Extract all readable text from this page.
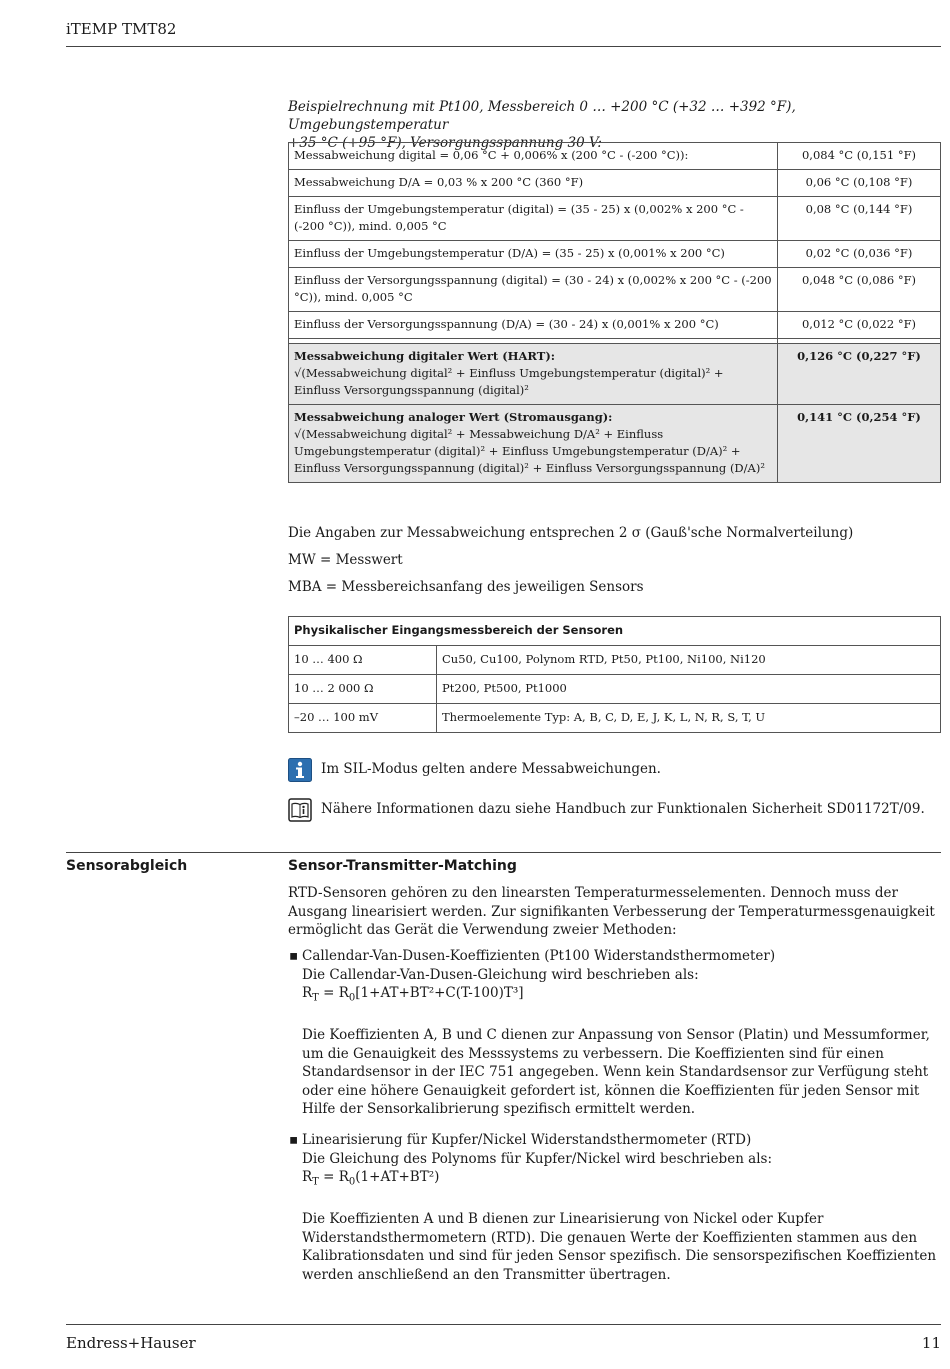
iTEMP TMT82
Beispielrechnung mit Pt100, Messbereich 0 … +200 °C (+32 … +392 °F), Umgebungstemperatur
+35 °C (+95 °F), Versorgungsspannung 30 V:
Messabweichung digital = 0,06 °C + 0,006% x (200 °C - (-200 °C)):	0,084 °C (0,151 °F)
Messabweichung D/A = 0,03 % x 200 °C (360 °F)	0,06 °C (0,108 °F)
Einfluss der Umgebungstemperatur (digital) = (35 - 25) x (0,002% x 200 °C - (-200 °C)), mind. 0,005 °C	0,08 °C (0,144 °F)
Einfluss der Umgebungstemperatur (D/A) = (35 - 25) x (0,001% x 200 °C)	0,02 °C (0,036 °F)
Einfluss der Versorgungsspannung (digital) = (30 - 24) x (0,002% x 200 °C - (-200 °C)), mind. 0,005 °C	0,048 °C (0,086 °F)
Einfluss der Versorgungsspannung (D/A) = (30 - 24) x (0,001% x 200 °C)	0,012 °C (0,022 °F)

Messabweichung digitaler Wert (HART):
√(Messabweichung digital² + Einfluss Umgebungstemperatur (digital)² + Einfluss Versorgungsspannung (digital)²	0,126 °C (0,227 °F)
Messabweichung analoger Wert (Stromausgang):
√(Messabweichung digital² + Messabweichung D/A² + Einfluss Umgebungstemperatur (digital)² + Einfluss Umgebungstemperatur (D/A)² + Einfluss Versorgungsspannung (digital)² + Einfluss Versorgungsspannung (D/A)²	0,141 °C (0,254 °F)
Die Angaben zur Messabweichung entsprechen 2 σ (Gauß'sche Normalverteilung)
MW = Messwert
MBA = Messbereichsanfang des jeweiligen Sensors
Physikalischer Eingangsmessbereich der Sensoren	
10 … 400 Ω	Cu50, Cu100, Polynom RTD, Pt50, Pt100, Ni100, Ni120
10 … 2 000 Ω	Pt200, Pt500, Pt1000
–20 … 100 mV	Thermoelemente Typ: A, B, C, D, E, J, K, L, N, R, S, T, U
Im SIL-Modus gelten andere Messabweichungen.
Nähere Informationen dazu siehe Handbuch zur Funktionalen Sicherheit SD01172T/09.
Sensorabgleich	Sensor-Transmitter-Matching
RTD-Sensoren gehören zu den linearsten Temperaturmesselementen. Dennoch muss der Ausgang linearisiert werden. Zur signifikanten Verbesserung der Temperaturmessgenauigkeit ermöglicht das Gerät die Verwendung zweier Methoden:
▪ Callendar-Van-Dusen-Koeffizienten (Pt100 Widerstandsthermometer)
Die Callendar-Van-Dusen-Gleichung wird beschrieben als:
$R_T = R_0[1+AT+BT^2+C(T-100)T^3]$
Die Koeffizienten A, B und C dienen zur Anpassung von Sensor (Platin) und Messumformer, um die Genauigkeit des Messsystems zu verbessern. Die Koeffizienten sind für einen Standardsensor in der IEC 751 angegeben. Wenn kein Standardsensor zur Verfügung steht oder eine höhere Genauigkeit gefordert ist, können die Koeffizienten für jeden Sensor mit Hilfe der Sensorkalibrierung spezifisch ermittelt werden.
▪ Linearisierung für Kupfer/Nickel Widerstandsthermometer (RTD)
Die Gleichung des Polynoms für Kupfer/Nickel wird beschrieben als:
$R_T = R_0(1+AT+BT^2)$
Die Koeffizienten A und B dienen zur Linearisierung von Nickel oder Kupfer Widerstandsthermometern (RTD). Die genauen Werte der Koeffizienten stammen aus den Kalibrationsdaten und sind für jeden Sensor spezifisch. Die sensorspezifischen Koeffizienten werden anschließend an den Transmitter übertragen.
Endress+Hauser	11
